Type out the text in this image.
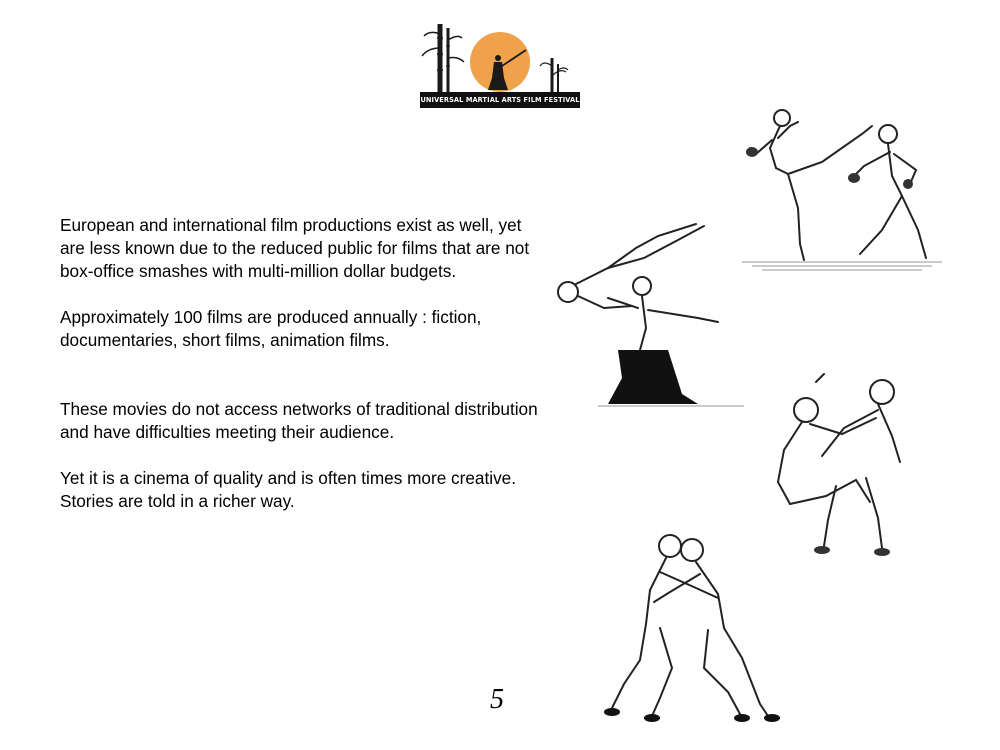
UNIVERSAL MARTIAL ARTS FILM FESTIVAL

European and international film productions exist as well, yet are less known due to the reduced public for films that are not box-office smashes with multi-million dollar budgets.

Approximately 100 films are produced annually : fiction, documentaries, short films, animation films.

These movies do not access networks of traditional distribution and have difficulties meeting their audience.

Yet it is a cinema of quality and is often times more creative. Stories are told in a richer way.

5
